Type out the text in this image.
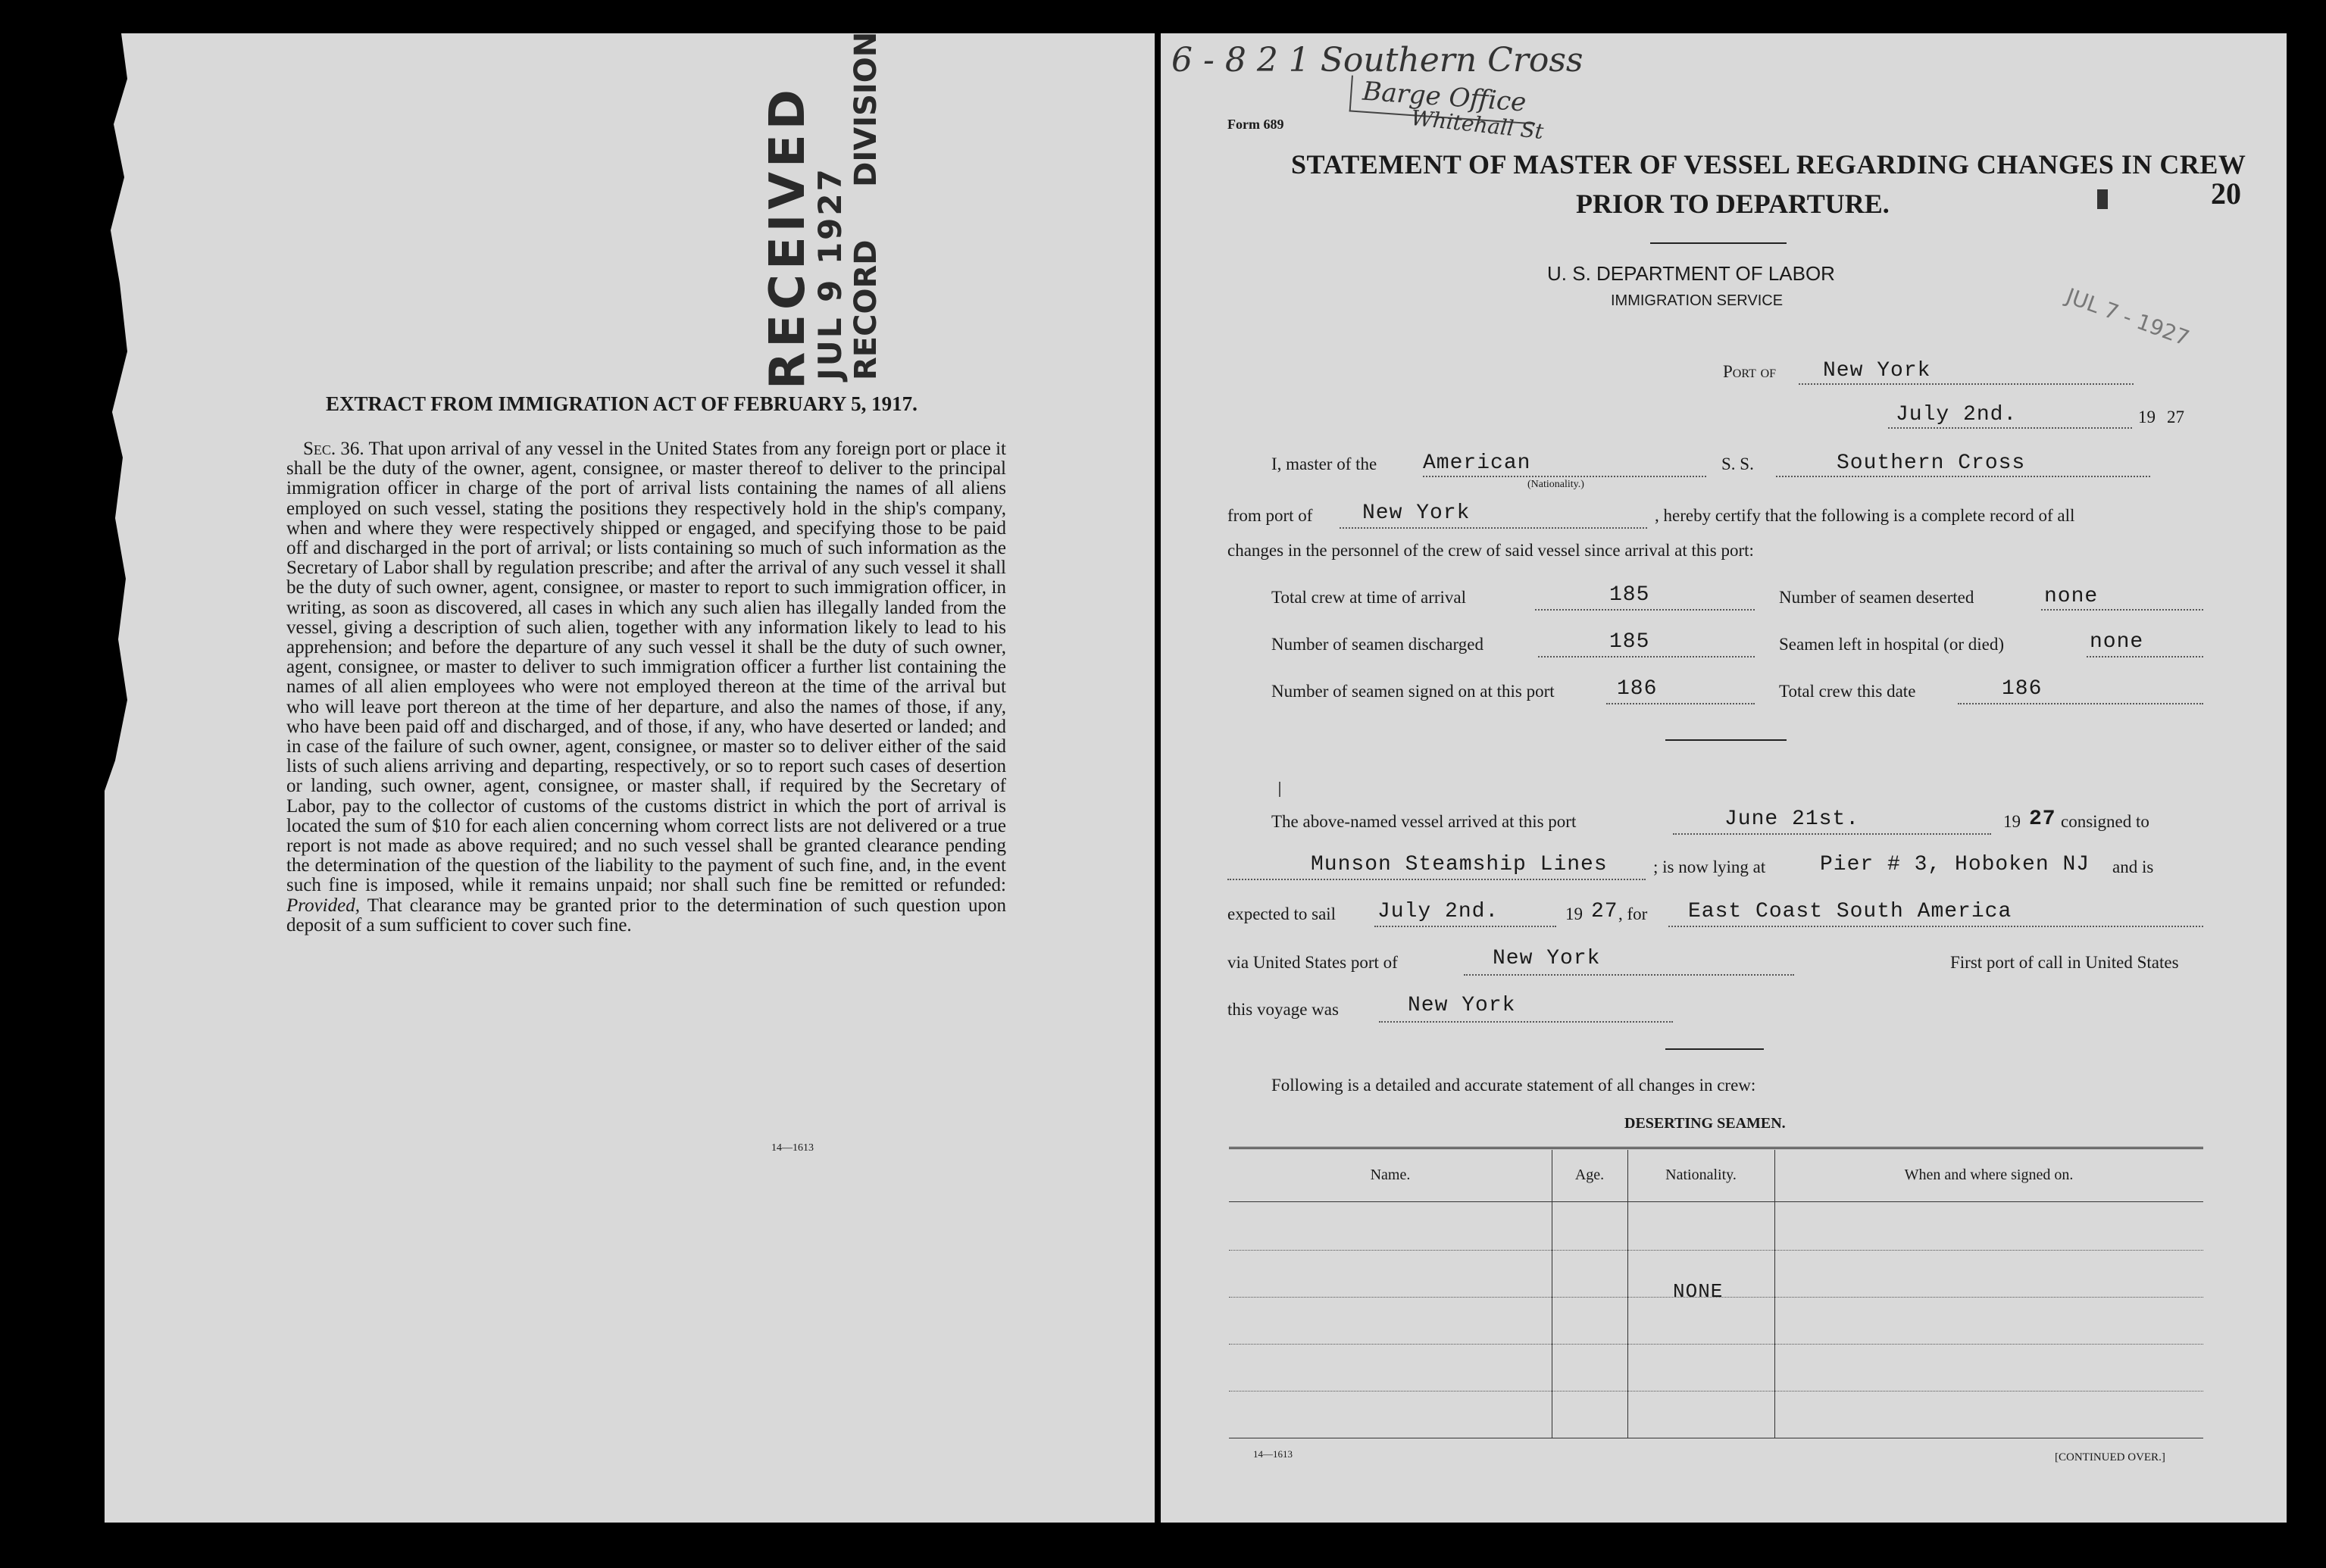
RECEIVED
JUL 9 1927 RECORD     DIVISION
EXTRACT FROM IMMIGRATION ACT OF FEBRUARY 5, 1917.
Sec. 36. That upon arrival of any vessel in the United States from any foreign port or place it shall be the duty of the owner, agent, consignee, or master thereof to deliver to the principal immigration officer in charge of the port of arrival lists containing the names of all aliens employed on such vessel, stating the positions they respectively hold in the ship's company, when and where they were respectively shipped or engaged, and specifying those to be paid off and discharged in the port of arrival; or lists containing so much of such information as the Secretary of Labor shall by regulation prescribe; and after the arrival of any such vessel it shall be the duty of such owner, agent, consignee, or master to report to such immigration officer, in writing, as soon as discovered, all cases in which any such alien has illegally landed from the vessel, giving a description of such alien, together with any information likely to lead to his apprehension; and before the departure of any such vessel it shall be the duty of such owner, agent, consignee, or master to deliver to such immigration officer a further list containing the names of all alien employees who were not employed thereon at the time of the arrival but who will leave port thereon at the time of her departure, and also the names of those, if any, who have been paid off and discharged, and of those, if any, who have deserted or landed; and in case of the failure of such owner, agent, consignee, or master so to deliver either of the said lists of such aliens arriving and departing, respectively, or so to report such cases of desertion or landing, such owner, agent, consignee, or master shall, if required by the Secretary of Labor, pay to the collector of customs of the customs district in which the port of arrival is located the sum of $10 for each alien concerning whom correct lists are not delivered or a true report is not made as above required; and no such vessel shall be granted clearance pending the determination of the question of the liability to the payment of such fine, and, in the event such fine is imposed, while it remains unpaid; nor shall such fine be remitted or refunded: Provided, That clearance may be granted prior to the determination of such question upon deposit of a sum sufficient to cover such fine.
14—1613
6 - 8 2 1 Southern Cross
Barge Office
Whitehall St
Form 689
STATEMENT OF MASTER OF VESSEL REGARDING CHANGES IN CREW
PRIOR TO DEPARTURE.	20
JUL 7 - 1927
U. S. DEPARTMENT OF LABOR
IMMIGRATION SERVICE
Port of New York
July 2nd.	19 27
I, master of the American
(Nationality.)
S. S.	Southern Cross
from port of New York	, hereby certify that the following is a complete record of all
changes in the personnel of the crew of said vessel since arrival at this port:
Total crew at time of arrival	185	Number of seamen deserted	none
Number of seamen discharged	185	Seamen left in hospital (or died)	none
Number of seamen signed on at this port	186	Total crew this date	186
The above-named vessel arrived at this port	June 21st.	19 27 consigned to
Munson Steamship Lines	; is now lying at	Pier # 3, Hoboken NJ and is
expected to sail July 2nd.	19 27 , for East Coast South America
via United States port of	New York	First port of call in United States
this voyage was	New York
Following is a detailed and accurate statement of all changes in crew:
DESERTING SEAMEN.
Name.	Age.	Nationality.	When and where signed on.
NONE
14—1613	[CONTINUED OVER.]
